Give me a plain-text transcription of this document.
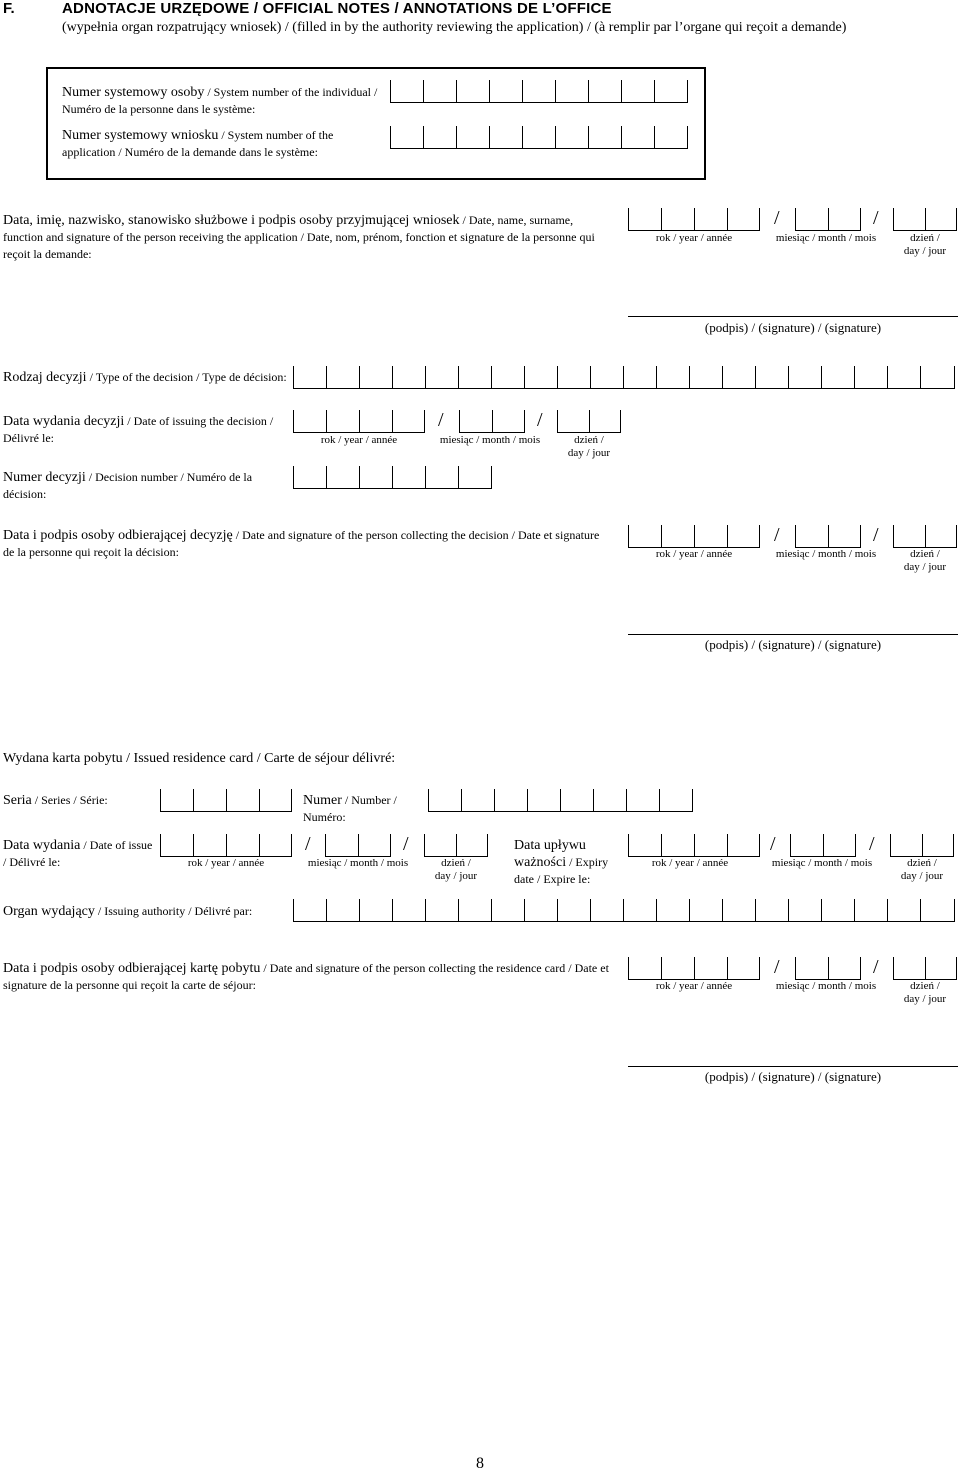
F.	ADNOTACJE URZĘDOWE / OFFICIAL NOTES / ANNOTATIONS DE L’OFFICE
(wypełnia organ rozpatrujący wniosek) / (filled in by the authority reviewing the application) / (à remplir par l’organe qui reçoit a demande)
Numer systemowy osoby / System number of the individual / Numéro de la personne dans le système:
Numer systemowy wniosku / System number of the application / Numéro de la demande dans le système:
Data, imię, nazwisko, stanowisko służbowe i podpis osoby przyjmującej wniosek / Date, name, surname, function and signature of the person receiving the application / Date, nom, prénom, fonction et signature de la personne qui reçoit la demande:
/	/
rok / year / année	miesiąc / month / mois	dzień /
day / jour
(podpis) / (signature) / (signature)
Rodzaj decyzji / Type of the decision / Type de décision:
Data wydania decyzji / Date of issuing the decision / Délivré le:
/	/
rok / year / année	miesiąc / month / mois	dzień /
day / jour
Numer decyzji / Decision number / Numéro de la décision:
Data i podpis osoby odbierającej decyzję / Date and signature of the person collecting the decision / Date et signature de la personne qui reçoit la décision:
/	/
rok / year / année	miesiąc / month / mois	dzień /
day / jour
(podpis) / (signature) / (signature)
Wydana karta pobytu / Issued residence card / Carte de séjour délivré:
Seria / Series / Série:	Numer / Number / Numéro:
Data wydania / Date of issue / Délivré le:
/	/
rok / year / année	miesiąc / month / mois	dzień /
day / jour
Data upływu ważności / Expiry date / Expire le:
/	/
rok / year / année	miesiąc / month / mois	dzień /
day / jour
Organ wydający / Issuing authority / Délivré par:
Data i podpis osoby odbierającej kartę pobytu / Date and signature of the person collecting the residence card / Date et signature de la personne qui reçoit la carte de séjour:
/	/
rok / year / année	miesiąc / month / mois	dzień /
day / jour
(podpis) / (signature) / (signature)
8
